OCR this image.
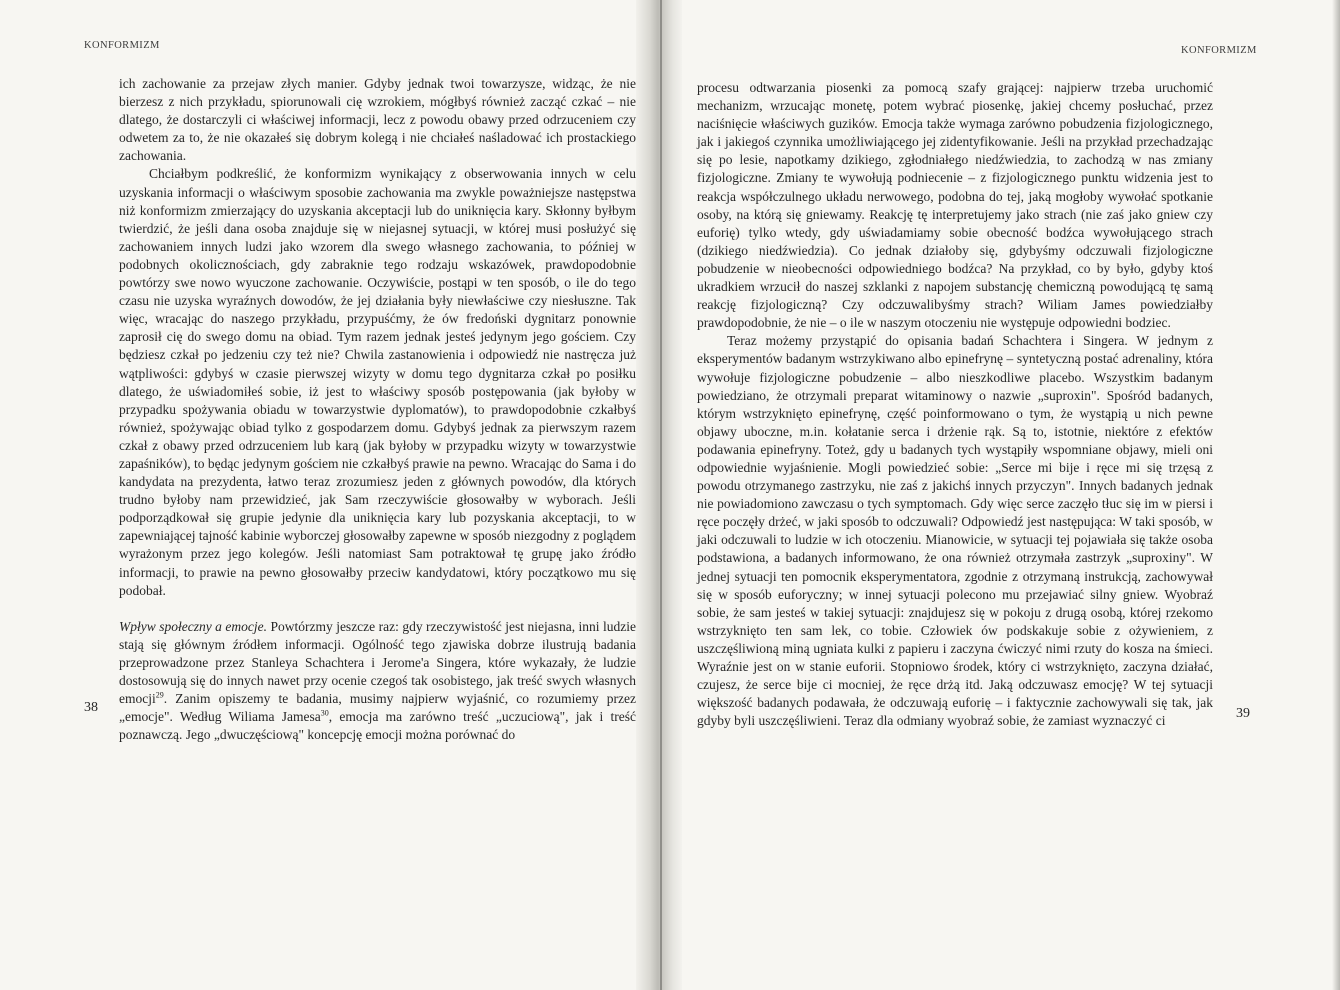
KONFORMIZM	KONFORMIZM

ich zachowanie za przejaw złych manier. Gdyby jednak twoi towarzysze, widząc, że nie bierzesz z nich przykładu, spiorunowali cię wzrokiem, mógłbyś również zacząć czkać – nie dlatego, że dostarczyli ci właściwej informacji, lecz z powodu obawy przed odrzuceniem czy odwetem za to, że nie okazałeś się dobrym kolegą i nie chciałeś naśladować ich prostackiego zachowania.

Chciałbym podkreślić, że konformizm wynikający z obserwowania innych w celu uzyskania informacji o właściwym sposobie zachowania ma zwykle poważniejsze następstwa niż konformizm zmierzający do uzyskania akceptacji lub do uniknięcia kary. Skłonny byłbym twierdzić, że jeśli dana osoba znajduje się w niejasnej sytuacji, w której musi posłużyć się zachowaniem innych ludzi jako wzorem dla swego własnego zachowania, to później w podobnych okolicznościach, gdy zabraknie tego rodzaju wskazówek, prawdopodobnie powtórzy swe nowo wyuczone zachowanie. Oczywiście, postąpi w ten sposób, o ile do tego czasu nie uzyska wyraźnych dowodów, że jej działania były niewłaściwe czy niesłuszne. Tak więc, wracając do naszego przykładu, przypuśćmy, że ów fredoński dygnitarz ponownie zaprosił cię do swego domu na obiad. Tym razem jednak jesteś jedynym jego gościem. Czy będziesz czkał po jedzeniu czy też nie? Chwila zastanowienia i odpowiedź nie nastręcza już wątpliwości: gdybyś w czasie pierwszej wizyty w domu tego dygnitarza czkał po posiłku dlatego, że uświadomiłeś sobie, iż jest to właściwy sposób postępowania (jak byłoby w przypadku spożywania obiadu w towarzystwie dyplomatów), to prawdopodobnie czkałbyś również, spożywając obiad tylko z gospodarzem domu. Gdybyś jednak za pierwszym razem czkał z obawy przed odrzuceniem lub karą (jak byłoby w przypadku wizyty w towarzystwie zapaśników), to będąc jedynym gościem nie czkałbyś prawie na pewno. Wracając do Sama i do kandydata na prezydenta, łatwo teraz zrozumiesz jeden z głównych powodów, dla których trudno byłoby nam przewidzieć, jak Sam rzeczywiście głosowałby w wyborach. Jeśli podporządkował się grupie jedynie dla uniknięcia kary lub pozyskania akceptacji, to w zapewniającej tajność kabinie wyborczej głosowałby zapewne w sposób niezgodny z poglądem wyrażonym przez jego kolegów. Jeśli natomiast Sam potraktował tę grupę jako źródło informacji, to prawie na pewno głosowałby przeciw kandydatowi, który początkowo mu się podobał.

Wpływ społeczny a emocje. Powtórzmy jeszcze raz: gdy rzeczywistość jest niejasna, inni ludzie stają się głównym źródłem informacji. Ogólność tego zjawiska dobrze ilustrują badania przeprowadzone przez Stanleya Schachtera i Jerome'a Singera, które wykazały, że ludzie dostosowują się do innych nawet przy ocenie czegoś tak osobistego, jak treść swych własnych emocji$^{29}$. Zanim opiszemy te badania, musimy najpierw wyjaśnić, co rozumiemy przez „emocje". Według Wiliama Jamesa$^{30}$, emocja ma zarówno treść „uczuciową", jak i treść poznawczą. Jego „dwuczęściową" koncepcję emocji można porównać do

procesu odtwarzania piosenki za pomocą szafy grającej: najpierw trzeba uruchomić mechanizm, wrzucając monetę, potem wybrać piosenkę, jakiej chcemy posłuchać, przez naciśnięcie właściwych guzików. Emocja także wymaga zarówno pobudzenia fizjologicznego, jak i jakiegoś czynnika umożliwiającego jej zidentyfikowanie. Jeśli na przykład przechadzając się po lesie, napotkamy dzikiego, zgłodniałego niedźwiedzia, to zachodzą w nas zmiany fizjologiczne. Zmiany te wywołują podniecenie – z fizjologicznego punktu widzenia jest to reakcja współczulnego układu nerwowego, podobna do tej, jaką mogłoby wywołać spotkanie osoby, na którą się gniewamy. Reakcję tę interpretujemy jako strach (nie zaś jako gniew czy euforię) tylko wtedy, gdy uświadamiamy sobie obecność bodźca wywołującego strach (dzikiego niedźwiedzia). Co jednak działoby się, gdybyśmy odczuwali fizjologiczne pobudzenie w nieobecności odpowiedniego bodźca? Na przykład, co by było, gdyby ktoś ukradkiem wrzucił do naszej szklanki z napojem substancję chemiczną powodującą tę samą reakcję fizjologiczną? Czy odczuwalibyśmy strach? Wiliam James powiedziałby prawdopodobnie, że nie – o ile w naszym otoczeniu nie występuje odpowiedni bodziec.

Teraz możemy przystąpić do opisania badań Schachtera i Singera. W jednym z eksperymentów badanym wstrzykiwano albo epinefrynę – syntetyczną postać adrenaliny, która wywołuje fizjologiczne pobudzenie – albo nieszkodliwe placebo. Wszystkim badanym powiedziano, że otrzymali preparat witaminowy o nazwie „suproxin". Spośród badanych, którym wstrzyknięto epinefrynę, część poinformowano o tym, że wystąpią u nich pewne objawy uboczne, m.in. kołatanie serca i drżenie rąk. Są to, istotnie, niektóre z efektów podawania epinefryny. Toteż, gdy u badanych tych wystąpiły wspomniane objawy, mieli oni odpowiednie wyjaśnienie. Mogli powiedzieć sobie: „Serce mi bije i ręce mi się trzęsą z powodu otrzymanego zastrzyku, nie zaś z jakichś innych przyczyn". Innych badanych jednak nie powiadomiono zawczasu o tych symptomach. Gdy więc serce zaczęło tłuc się im w piersi i ręce poczęły drżeć, w jaki sposób to odczuwali? Odpowiedź jest następująca: W taki sposób, w jaki odczuwali to ludzie w ich otoczeniu. Mianowicie, w sytuacji tej pojawiała się także osoba podstawiona, a badanych informowano, że ona również otrzymała zastrzyk „suproxiny". W jednej sytuacji ten pomocnik eksperymentatora, zgodnie z otrzymaną instrukcją, zachowywał się w sposób euforyczny; w innej sytuacji polecono mu przejawiać silny gniew. Wyobraź sobie, że sam jesteś w takiej sytuacji: znajdujesz się w pokoju z drugą osobą, której rzekomo wstrzyknięto ten sam lek, co tobie. Człowiek ów podskakuje sobie z ożywieniem, z uszczęśliwioną miną ugniata kulki z papieru i zaczyna ćwiczyć nimi rzuty do kosza na śmieci. Wyraźnie jest on w stanie euforii. Stopniowo środek, który ci wstrzyknięto, zaczyna działać, czujesz, że serce bije ci mocniej, że ręce drżą itd. Jaką odczuwasz emocję? W tej sytuacji większość badanych podawała, że odczuwają euforię – i faktycznie zachowywali się tak, jak gdyby byli uszczęśliwieni. Teraz dla odmiany wyobraź sobie, że zamiast wyznaczyć ci

38	39
